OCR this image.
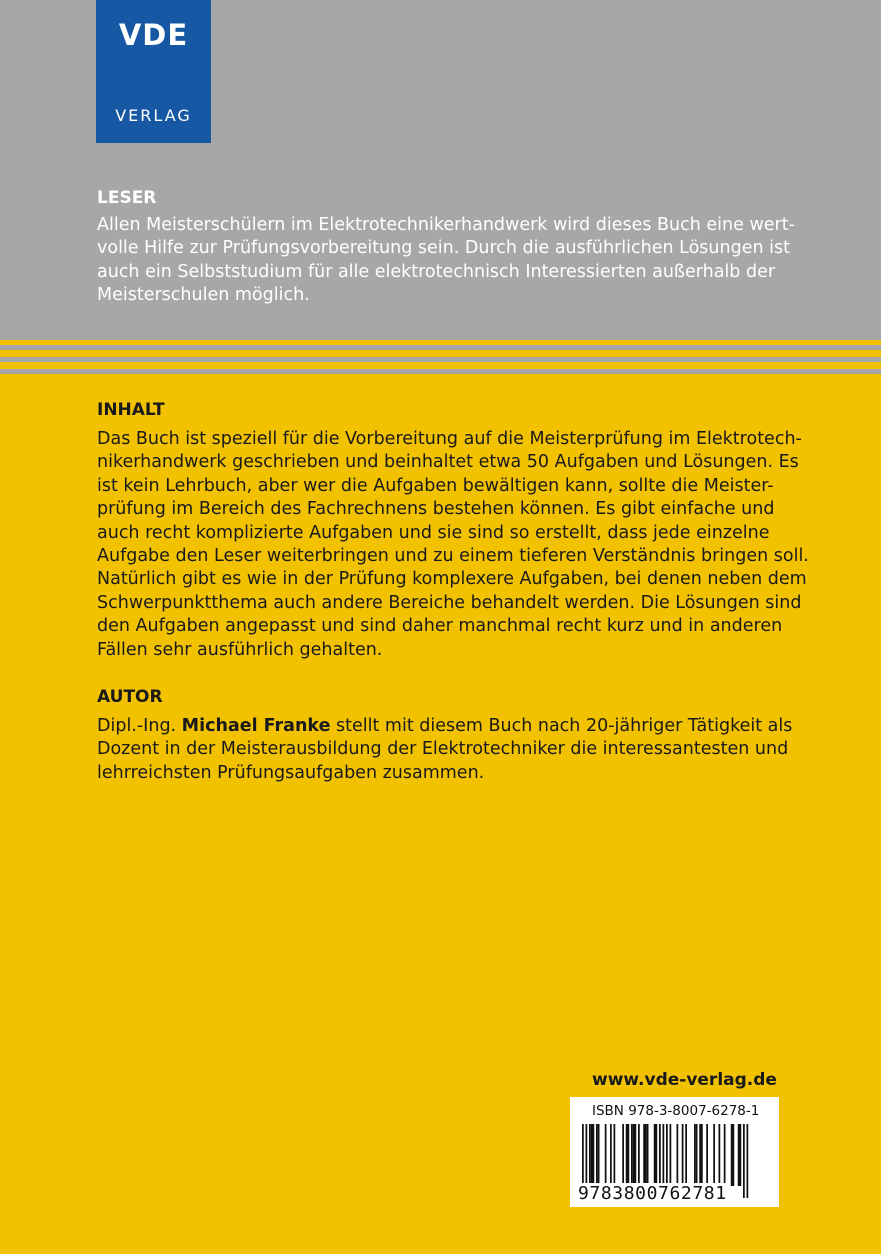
VDE
VERLAG
LESER

Allen Meisterschülern im Elektrotechnikerhandwerk wird dieses Buch eine wert-
volle Hilfe zur Prüfungsvorbereitung sein. Durch die ausführlichen Lösungen ist
auch ein Selbststudium für alle elektrotechnisch Interessierten außerhalb der
Meisterschulen möglich.

INHALT

Das Buch ist speziell für die Vorbereitung auf die Meisterprüfung im Elektrotech-
nikerhandwerk geschrieben und beinhaltet etwa 50 Aufgaben und Lösungen. Es
ist kein Lehrbuch, aber wer die Aufgaben bewältigen kann, sollte die Meister-
prüfung im Bereich des Fachrechnens bestehen können. Es gibt einfache und
auch recht komplizierte Aufgaben und sie sind so erstellt, dass jede einzelne
Aufgabe den Leser weiterbringen und zu einem tieferen Verständnis bringen soll.
Natürlich gibt es wie in der Prüfung komplexere Aufgaben, bei denen neben dem
Schwerpunktthema auch andere Bereiche behandelt werden. Die Lösungen sind
den Aufgaben angepasst und sind daher manchmal recht kurz und in anderen
Fällen sehr ausführlich gehalten.

AUTOR

Dipl.-Ing. Michael Franke stellt mit diesem Buch nach 20-jähriger Tätigkeit als
Dozent in der Meisterausbildung der Elektrotechniker die interessantesten und
lehrreichsten Prüfungsaufgaben zusammen.

www.vde-verlag.de
ISBN 978-3-8007-6278-1
9783800762781
